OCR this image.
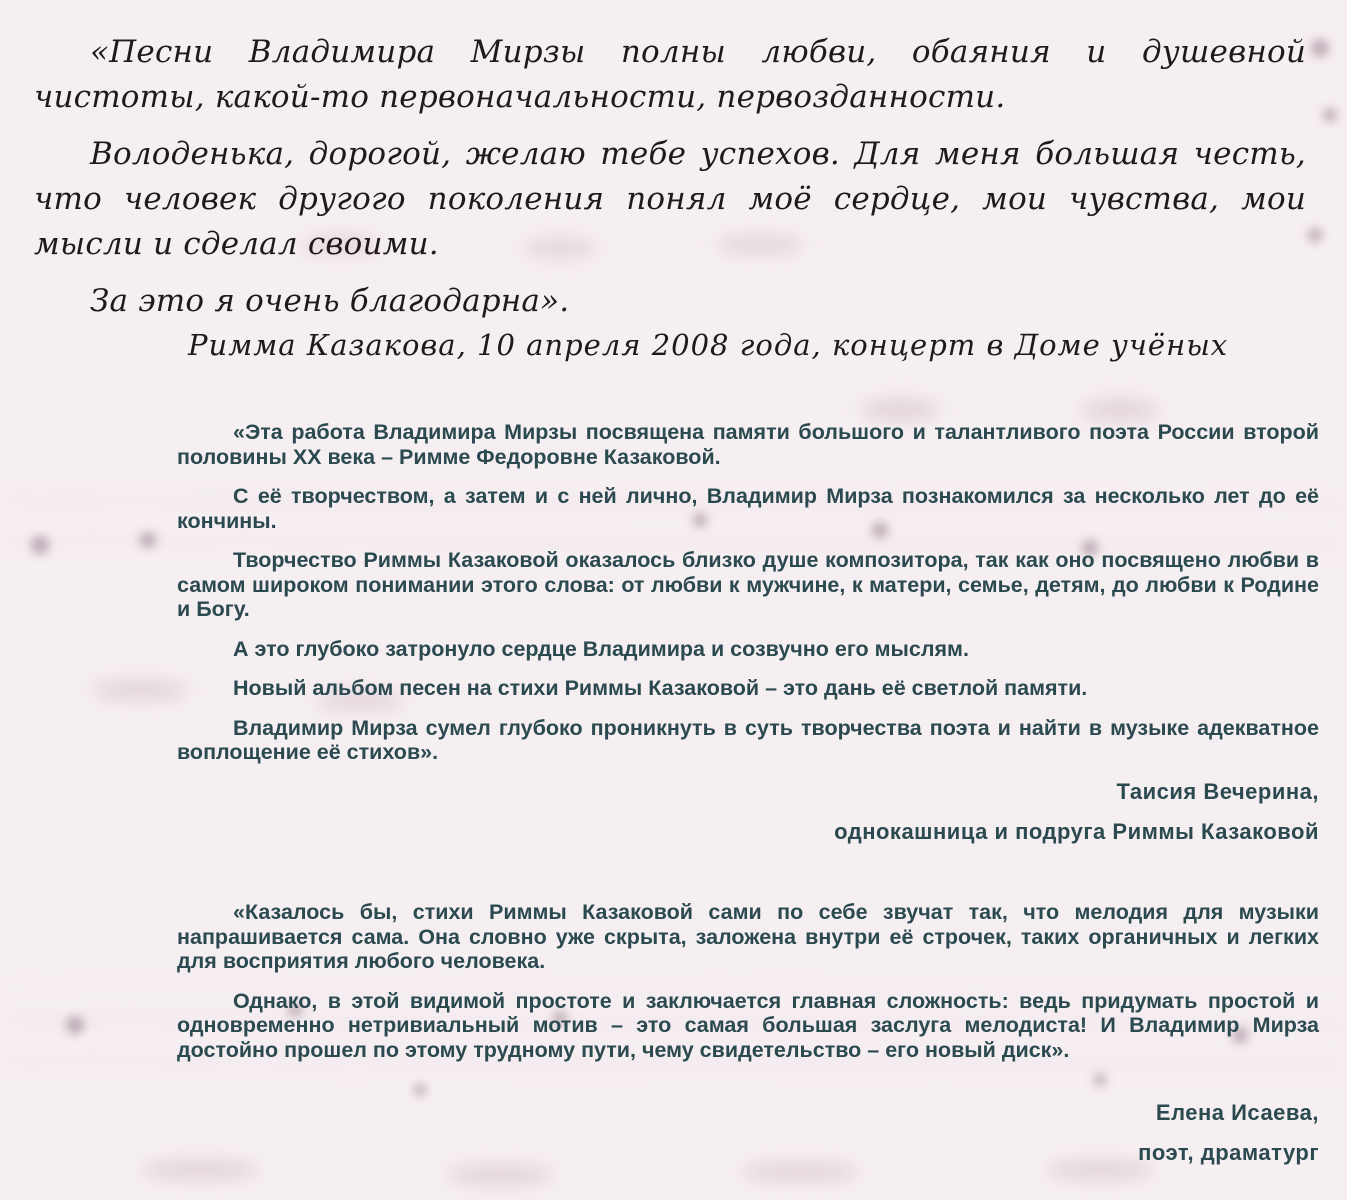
«Песни Владимира Мирзы полны любви, обаяния и душевной чистоты, какой-то первоначальности, первозданности.

Володенька, дорогой, желаю тебе успехов. Для меня большая честь, что человек другого поколения понял моё сердце, мои чувства, мои мысли и сделал своими.

За это я очень благодарна».

Римма Казакова, 10 апреля 2008 года, концерт в Доме учёных

«Эта работа Владимира Мирзы посвящена памяти большого и талантливого поэта России второй половины XX века – Римме Федоровне Казаковой.

С её творчеством, а затем и с ней лично, Владимир Мирза познакомился за несколько лет до её кончины.

Творчество Риммы Казаковой оказалось близко душе композитора, так как оно посвящено любви в самом широком понимании этого слова: от любви к мужчине, к матери, семье, детям, до любви к Родине и Богу.

А это глубоко затронуло сердце Владимира и созвучно его мыслям.

Новый альбом песен на стихи Риммы Казаковой – это дань её светлой памяти.

Владимир Мирза сумел глубоко проникнуть в суть творчества поэта и найти в музыке адекватное воплощение её стихов».

Таисия Вечерина,
однокашница и подруга Риммы Казаковой

«Казалось бы, стихи Риммы Казаковой сами по себе звучат так, что мелодия для музыки напрашивается сама. Она словно уже скрыта, заложена внутри её строчек, таких органичных и легких для восприятия любого человека.

Однако, в этой видимой простоте и заключается главная сложность: ведь придумать простой и одновременно нетривиальный мотив – это самая большая заслуга мелодиста! И Владимир Мирза достойно прошел по этому трудному пути, чему свидетельство – его новый диск».

Елена Исаева,
поэт, драматург
